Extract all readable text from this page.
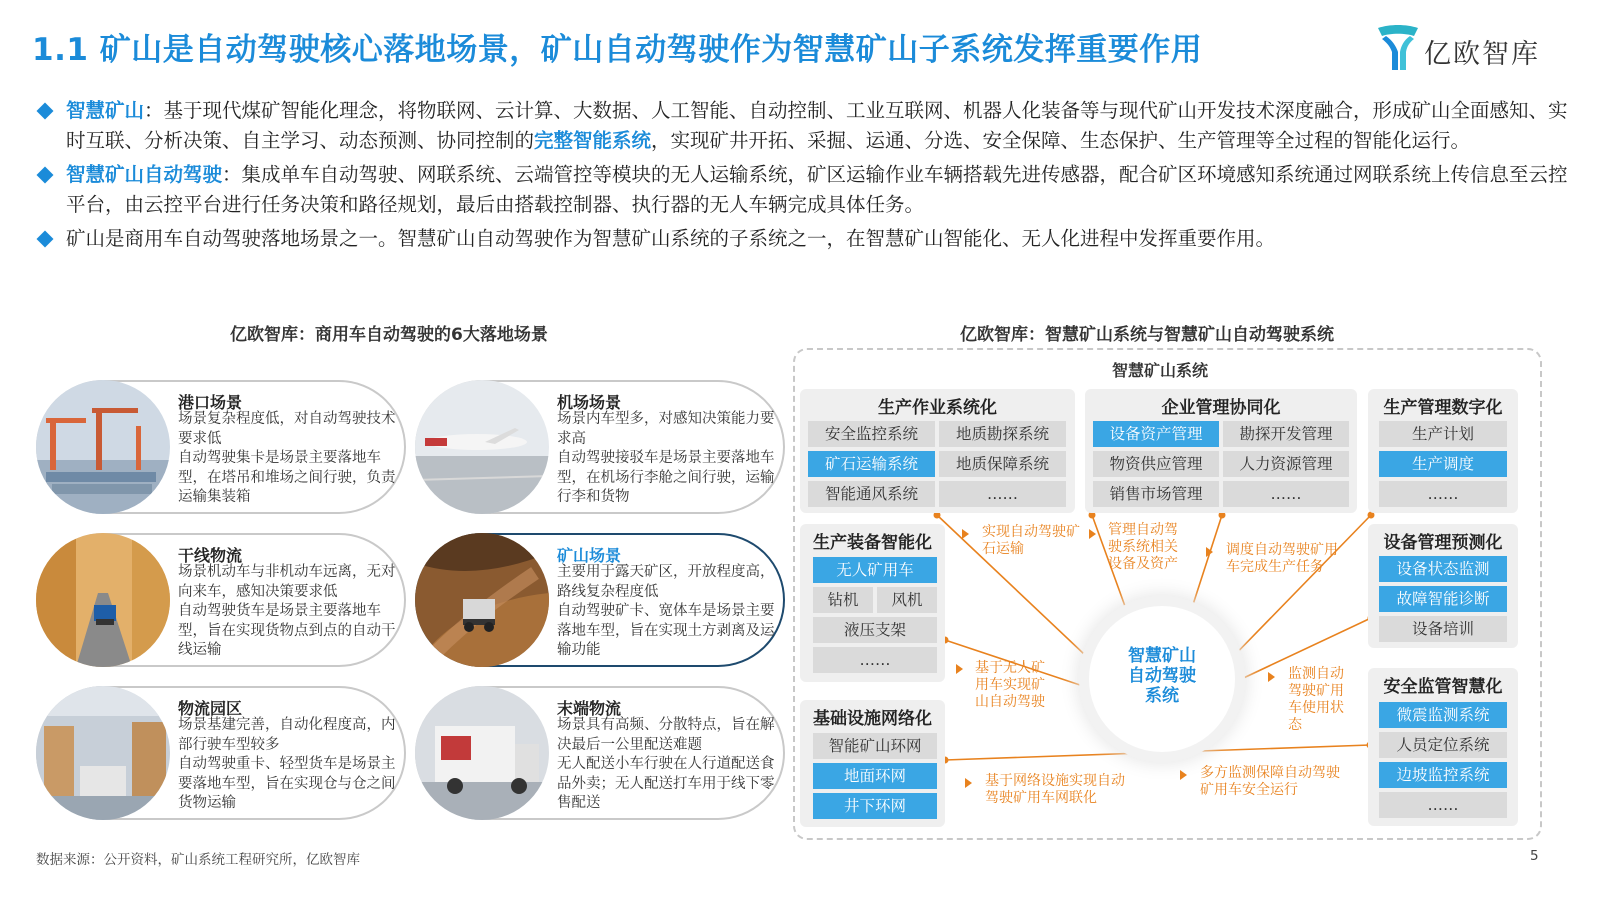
1.1 矿山是自动驾驶核心落地场景，矿山自动驾驶作为智慧矿山子系统发挥重要作用	亿欧智库
智慧矿山：基于现代煤矿智能化理念，将物联网、云计算、大数据、人工智能、自动控制、工业互联网、机器人化装备等与现代矿山开发技术深度融合，形成矿山全面感知、实时互联、分析决策、自主学习、动态预测、协同控制的完整智能系统，实现矿井开拓、采掘、运通、分选、安全保障、生态保护、生产管理等全过程的智能化运行。
智慧矿山自动驾驶：集成单车自动驾驶、网联系统、云端管控等模块的无人运输系统，矿区运输作业车辆搭载先进传感器，配合矿区环境感知系统通过网联系统上传信息至云控平台，由云控平台进行任务决策和路径规划，最后由搭载控制器、执行器的无人车辆完成具体任务。
矿山是商用车自动驾驶落地场景之一。智慧矿山自动驾驶作为智慧矿山系统的子系统之一，在智慧矿山智能化、无人化进程中发挥重要作用。
亿欧智库：商用车自动驾驶的6大落地场景	亿欧智库：智慧矿山系统与智慧矿山自动驾驶系统
港口场景
场景复杂程度低，对自动驾驶技术要求低
自动驾驶集卡是场景主要落地车型，在塔吊和堆场之间行驶，负责运输集装箱
机场场景
场景内车型多，对感知决策能力要求高
自动驾驶接驳车是场景主要落地车型，在机场行李舱之间行驶，运输行李和货物
干线物流
场景机动车与非机动车远离，无对向来车，感知决策要求低
自动驾驶货车是场景主要落地车型，旨在实现货物点到点的自动干线运输
矿山场景
主要用于露天矿区，开放程度高，路线复杂程度低
自动驾驶矿卡、宽体车是场景主要落地车型，旨在实现土方剥离及运输功能
物流园区
场景基建完善，自动化程度高，内部行驶车型较多
自动驾驶重卡、轻型货车是场景主要落地车型，旨在实现仓与仓之间货物运输
末端物流
场景具有高频、分散特点，旨在解决最后一公里配送难题
无人配送小车行驶在人行道配送食品外卖；无人配送打车用于线下零售配送
智慧矿山系统
生产作业系统化
安全监控系统	地质勘探系统
矿石运输系统	地质保障系统
智能通风系统	……
企业管理协同化
设备资产管理	勘探开发管理
物资供应管理	人力资源管理
销售市场管理	……
生产管理数字化
生产计划
生产调度
……
生产装备智能化
无人矿用车
钻机	风机
液压支架
……
设备管理预测化
设备状态监测
故障智能诊断
设备培训
基础设施网络化
智能矿山环网
地面环网
井下环网
安全监管智慧化
微震监测系统
人员定位系统
边坡监控系统
……
智慧矿山
自动驾驶
系统
实现自动驾驶矿石运输
管理自动驾驶系统相关设备及资产
调度自动驾驶矿用车完成生产任务
基于无人矿用车实现矿山自动驾驶
监测自动驾驶矿用车使用状态
基于网络设施实现自动驾驶矿用车网联化
多方监测保障自动驾驶矿用车安全运行
数据来源：公开资料，矿山系统工程研究所，亿欧智库	5
